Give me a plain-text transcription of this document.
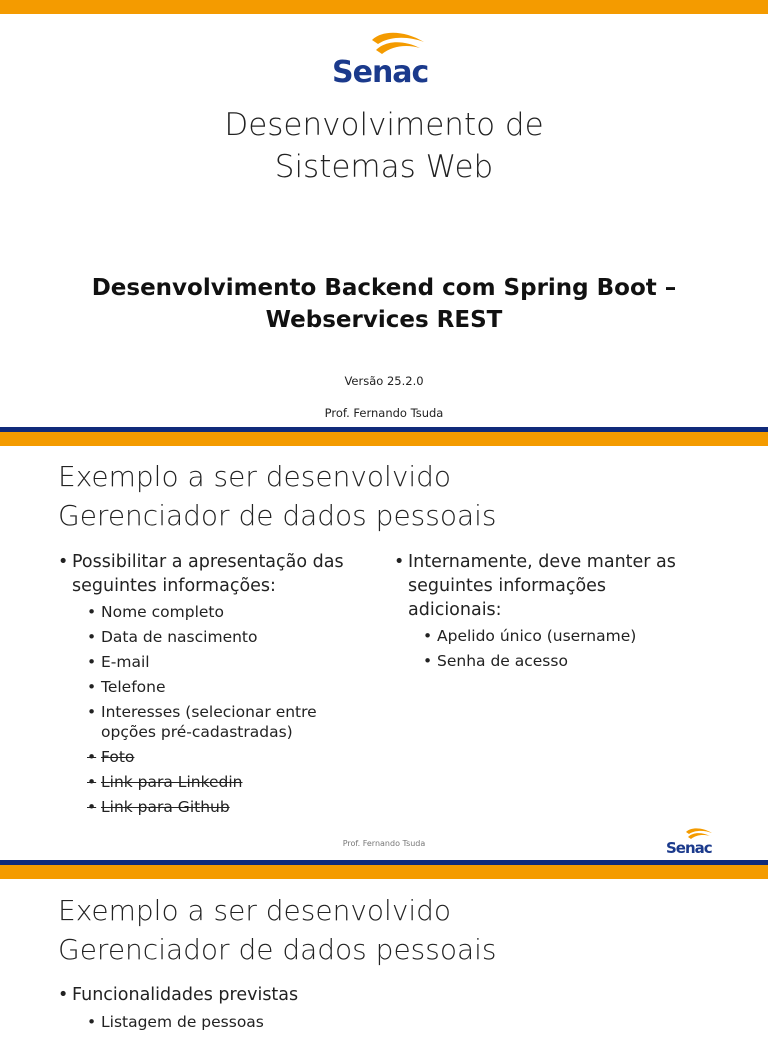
Senac
Desenvolvimento de
Sistemas Web
Desenvolvimento Backend com Spring Boot –
Webservices REST
Versão 25.2.0
Prof. Fernando Tsuda
Exemplo a ser desenvolvido
Gerenciador de dados pessoais
• Possibilitar a apresentação das
seguintes informações:
• Nome completo
• Data de nascimento
• E-mail
• Telefone
• Interesses (selecionar entre
opções pré-cadastradas)
• Foto
• Link para Linkedin
• Link para Github
• Internamente, deve manter as
seguintes informações
adicionais:
• Apelido único (username)
• Senha de acesso
Prof. Fernando Tsuda	Senac
Exemplo a ser desenvolvido
Gerenciador de dados pessoais
• Funcionalidades previstas
• Listagem de pessoas
